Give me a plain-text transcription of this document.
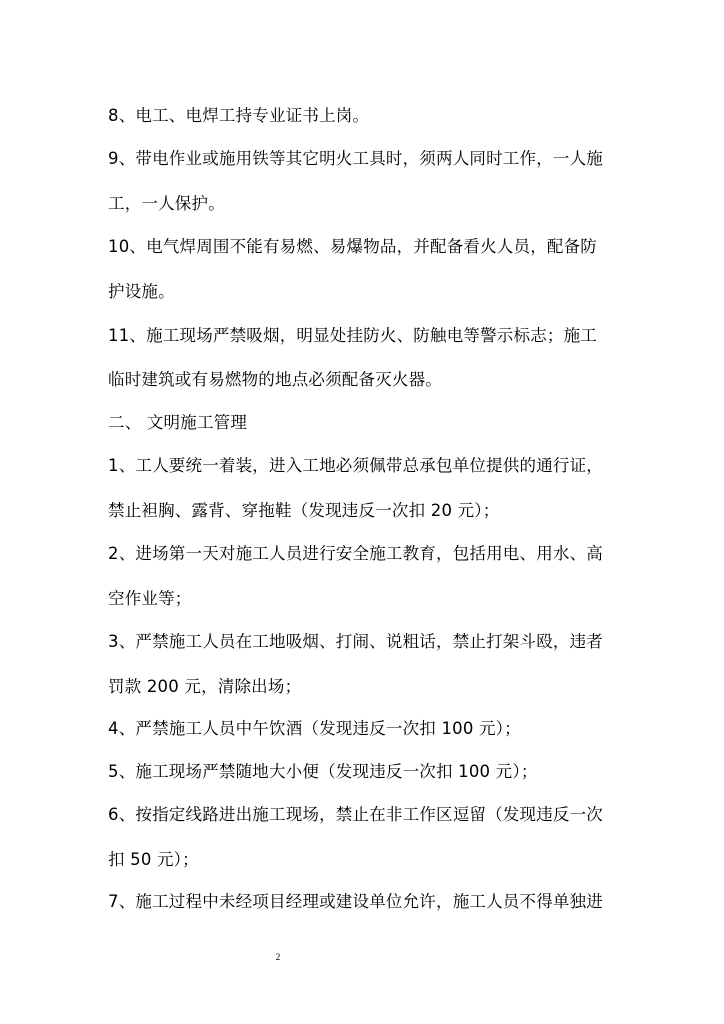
8、电工、电焊工持专业证书上岗。
9、带电作业或施用铁等其它明火工具时，须两人同时工作，一人施
工，一人保护。
10、电气焊周围不能有易燃、易爆物品，并配备看火人员，配备防
护设施。
11、施工现场严禁吸烟，明显处挂防火、防触电等警示标志；施工
临时建筑或有易燃物的地点必须配备灭火器。
二、 文明施工管理
1、工人要统一着装，进入工地必须佩带总承包单位提供的通行证，
禁止袒胸、露背、穿拖鞋（发现违反一次扣 20 元）；
2、进场第一天对施工人员进行安全施工教育，包括用电、用水、高
空作业等；
3、严禁施工人员在工地吸烟、打闹、说粗话，禁止打架斗殴，违者
罚款 200 元，清除出场；
4、严禁施工人员中午饮酒（发现违反一次扣 100 元）；
5、施工现场严禁随地大小便（发现违反一次扣 100 元）；
6、按指定线路进出施工现场，禁止在非工作区逗留（发现违反一次
扣 50 元）；
7、施工过程中未经项目经理或建设单位允许，施工人员不得单独进
2
